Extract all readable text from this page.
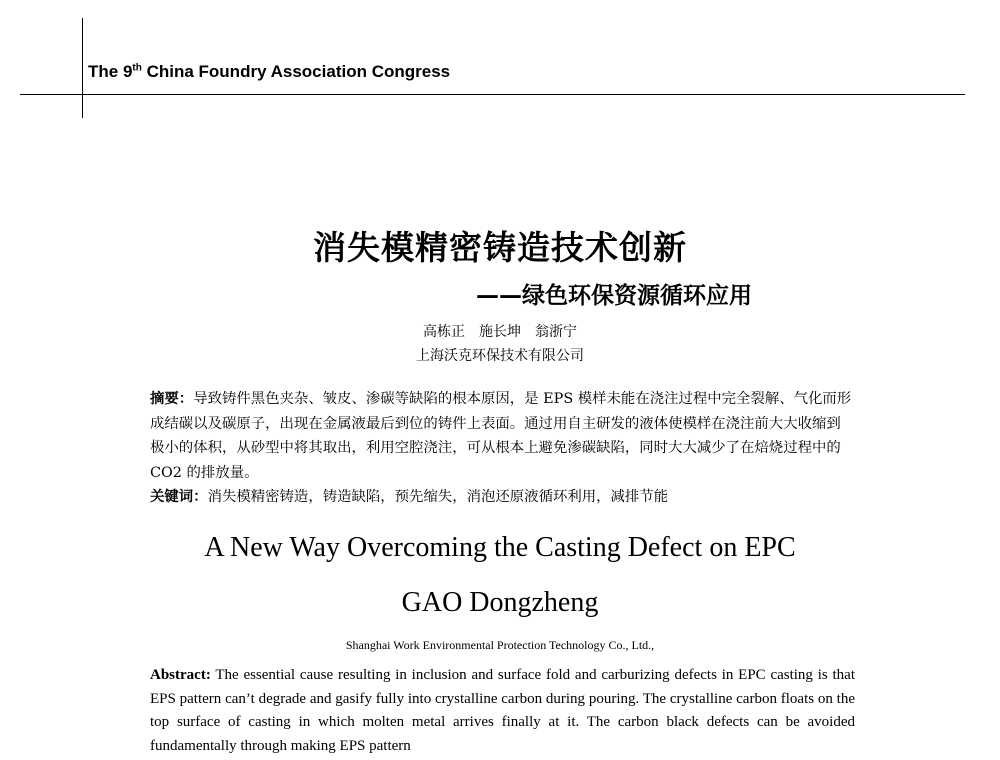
The 9th China Foundry Association Congress
消失模精密铸造技术创新
——绿色环保资源循环应用
高栋正　施长坤　翁浙宁
上海沃克环保技术有限公司

摘要：导致铸件黑色夹杂、皱皮、渗碳等缺陷的根本原因，是 EPS 模样未能在浇注过程中完全裂解、气化而形成结碳以及碳原子，出现在金属液最后到位的铸件上表面。通过用自主研发的液体使模样在浇注前大大收缩到极小的体积，从砂型中将其取出，利用空腔浇注，可从根本上避免渗碳缺陷，同时大大减少了在焙烧过程中的 CO2 的排放量。

关键词：消失模精密铸造，铸造缺陷，预先缩失，消泡还原液循环利用，减排节能

A New Way Overcoming the Casting Defect on EPC
GAO Dongzheng
Shanghai Work Environmental Protection Technology Co., Ltd.,
Abstract: The essential cause resulting in inclusion and surface fold and carburizing defects in EPC casting is that EPS pattern can’t degrade and gasify fully into crystalline carbon during pouring. The crystalline carbon floats on the top surface of casting in which molten metal arrives finally at it. The carbon black defects can be avoided fundamentally through making EPS pattern
